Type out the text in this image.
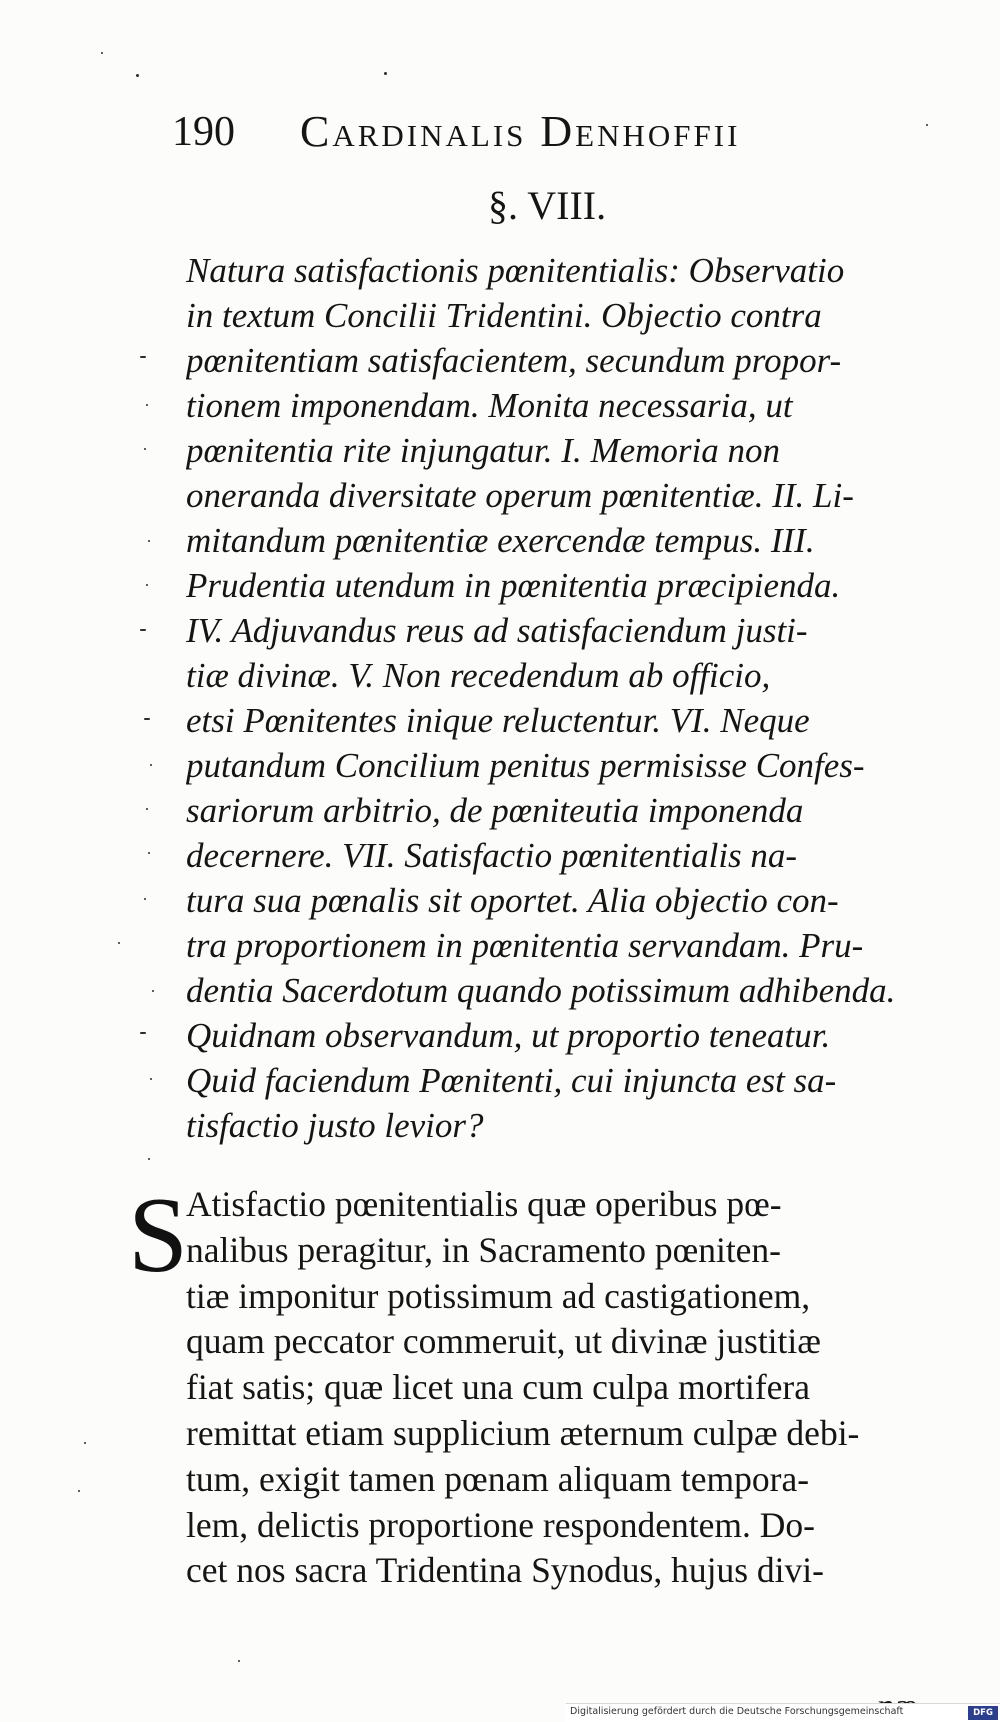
190 Cardinalis Denhoffii
§. VIII.
Natura satisfactionis pœnitentialis: Observatio
in textum Concilii Tridentini. Objectio contra
pœnitentiam satisfacientem, secundum propor-
tionem imponendam. Monita necessaria, ut
pœnitentia rite injungatur. I. Memoria non
oneranda diversitate operum pœnitentiæ. II. Li-
mitandum pœnitentiæ exercendæ tempus. III.
Prudentia utendum in pœnitentia præcipienda.
IV. Adjuvandus reus ad satisfaciendum justi-
tiæ divinæ. V. Non recedendum ab officio,
etsi Pœnitentes inique reluctentur. VI. Neque
putandum Concilium penitus permisisse Confes-
sariorum arbitrio, de pœniteutia imponenda
decernere. VII. Satisfactio pœnitentialis na-
tura sua pœnalis sit oportet. Alia objectio con-
tra proportionem in pœnitentia servandam. Pru-
dentia Sacerdotum quando potissimum adhibenda.
Quidnam observandum, ut proportio teneatur.
Quid faciendum Pœnitenti, cui injuncta est sa-
tisfactio justo levior?
S
Atisfactio pœnitentialis quæ operibus pœ-
nalibus peragitur, in Sacramento pœniten-
tiæ imponitur potissimum ad castigationem,
quam peccator commeruit, ut divinæ justitiæ
fiat satis; quæ licet una cum culpa mortifera
remittat etiam supplicium æternum culpæ debi-
tum, exigit tamen pœnam aliquam tempora-
lem, delictis proportione respondentem. Do-
cet nos sacra Tridentina Synodus, hujus divi-
Digitalisierung gefördert durch die Deutsche Forschungsgemeinschaft	DFG
